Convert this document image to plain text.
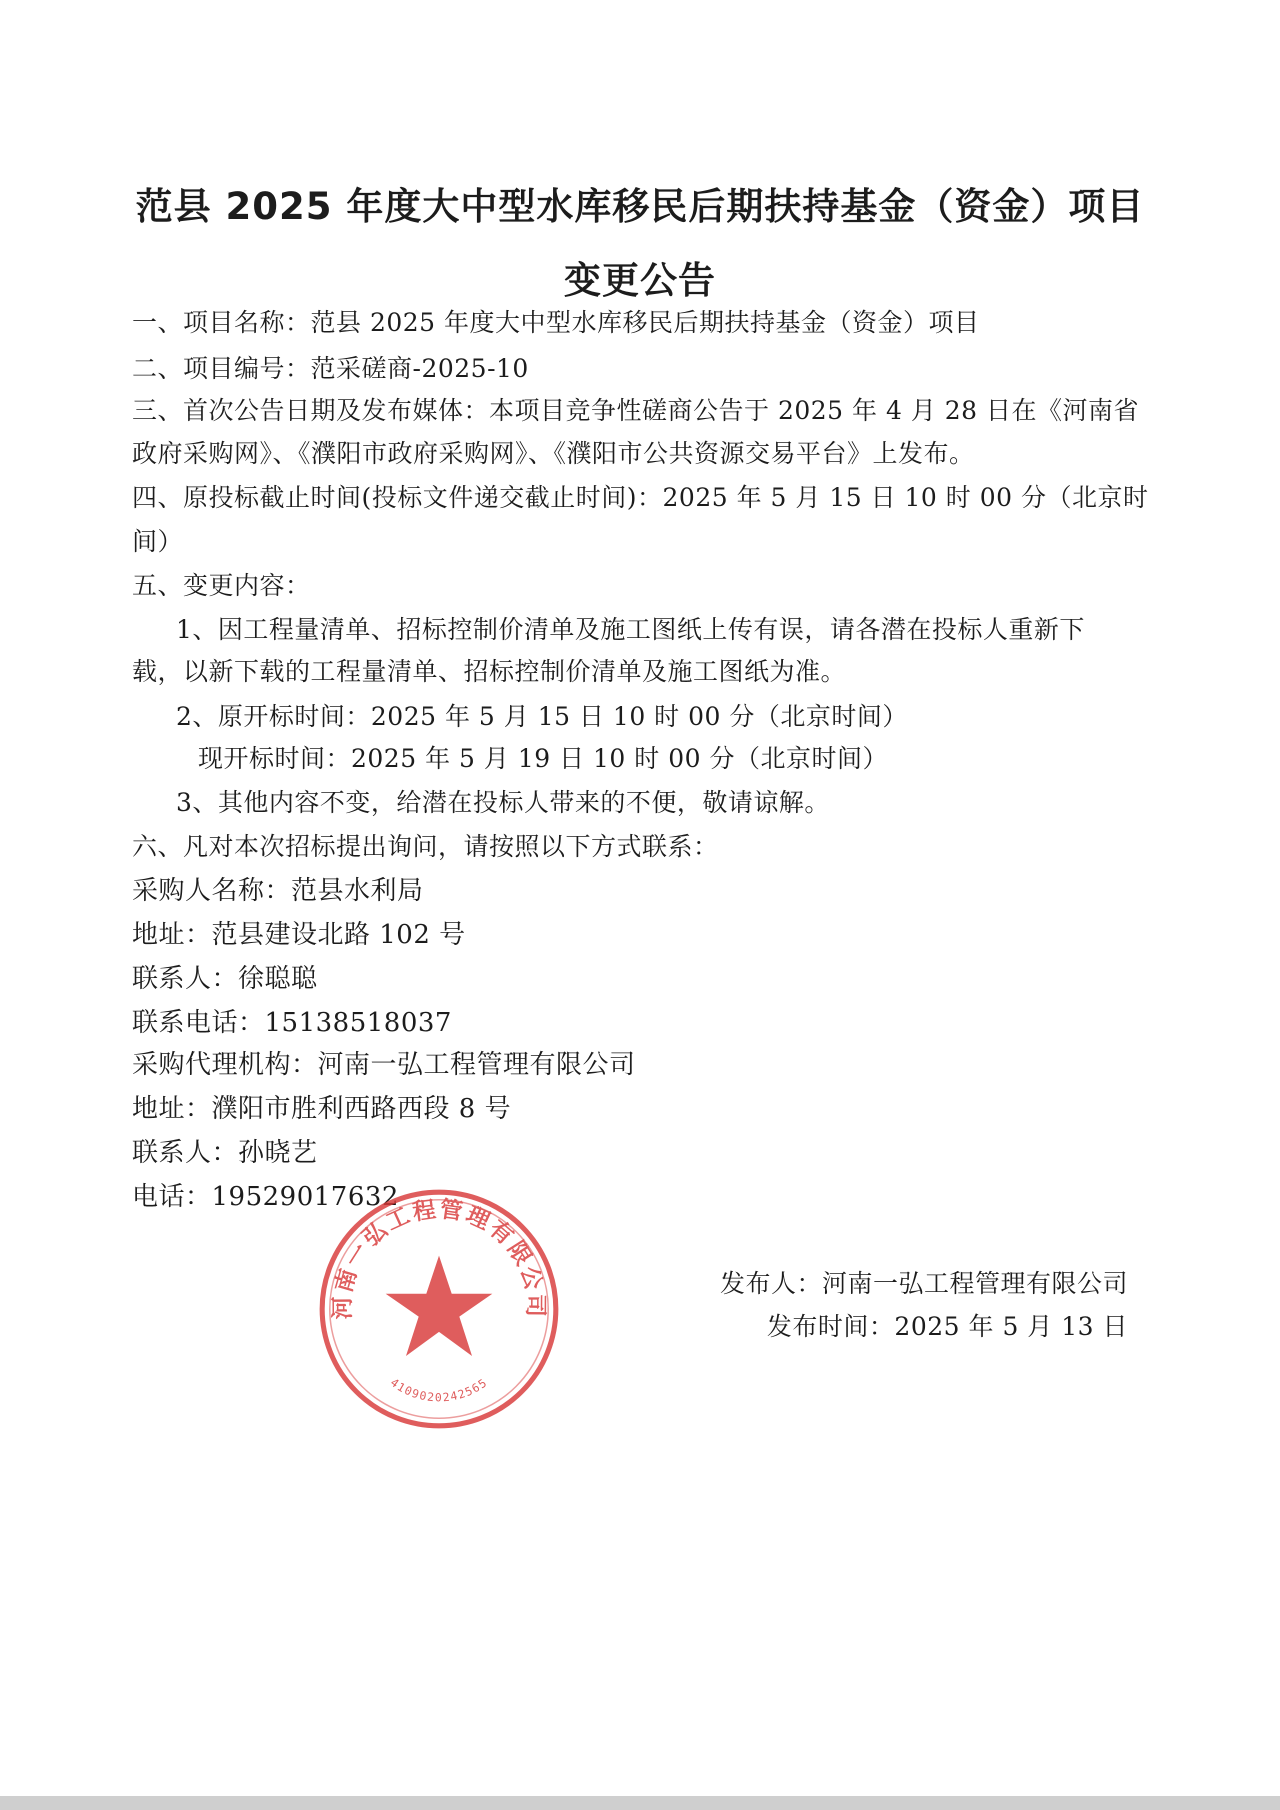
范县 2025 年度大中型水库移民后期扶持基金（资金）项目
变更公告
一、项目名称：范县 2025 年度大中型水库移民后期扶持基金（资金）项目
二、项目编号：范采磋商-2025-10
三、首次公告日期及发布媒体：本项目竞争性磋商公告于 2025 年 4 月 28 日在《河南省
政府采购网》、《濮阳市政府采购网》、《濮阳市公共资源交易平台》上发布。
四、原投标截止时间(投标文件递交截止时间)：2025 年 5 月 15 日 10 时 00 分（北京时
间）
五、变更内容：
1、因工程量清单、招标控制价清单及施工图纸上传有误，请各潜在投标人重新下
载，以新下载的工程量清单、招标控制价清单及施工图纸为准。
2、原开标时间：2025 年 5 月 15 日 10 时 00 分（北京时间）
现开标时间：2025 年 5 月 19 日 10 时 00 分（北京时间）
3、其他内容不变，给潜在投标人带来的不便，敬请谅解。
六、凡对本次招标提出询问，请按照以下方式联系：
采购人名称：范县水利局
地址：范县建设北路 102 号
联系人：徐聪聪
联系电话：15138518037
采购代理机构：河南一弘工程管理有限公司
地址：濮阳市胜利西路西段 8 号
联系人：孙晓艺
电话：19529017632
河南一弘工程管理有限公司
4109020242565
发布人：河南一弘工程管理有限公司
发布时间：2025 年 5 月 13 日
